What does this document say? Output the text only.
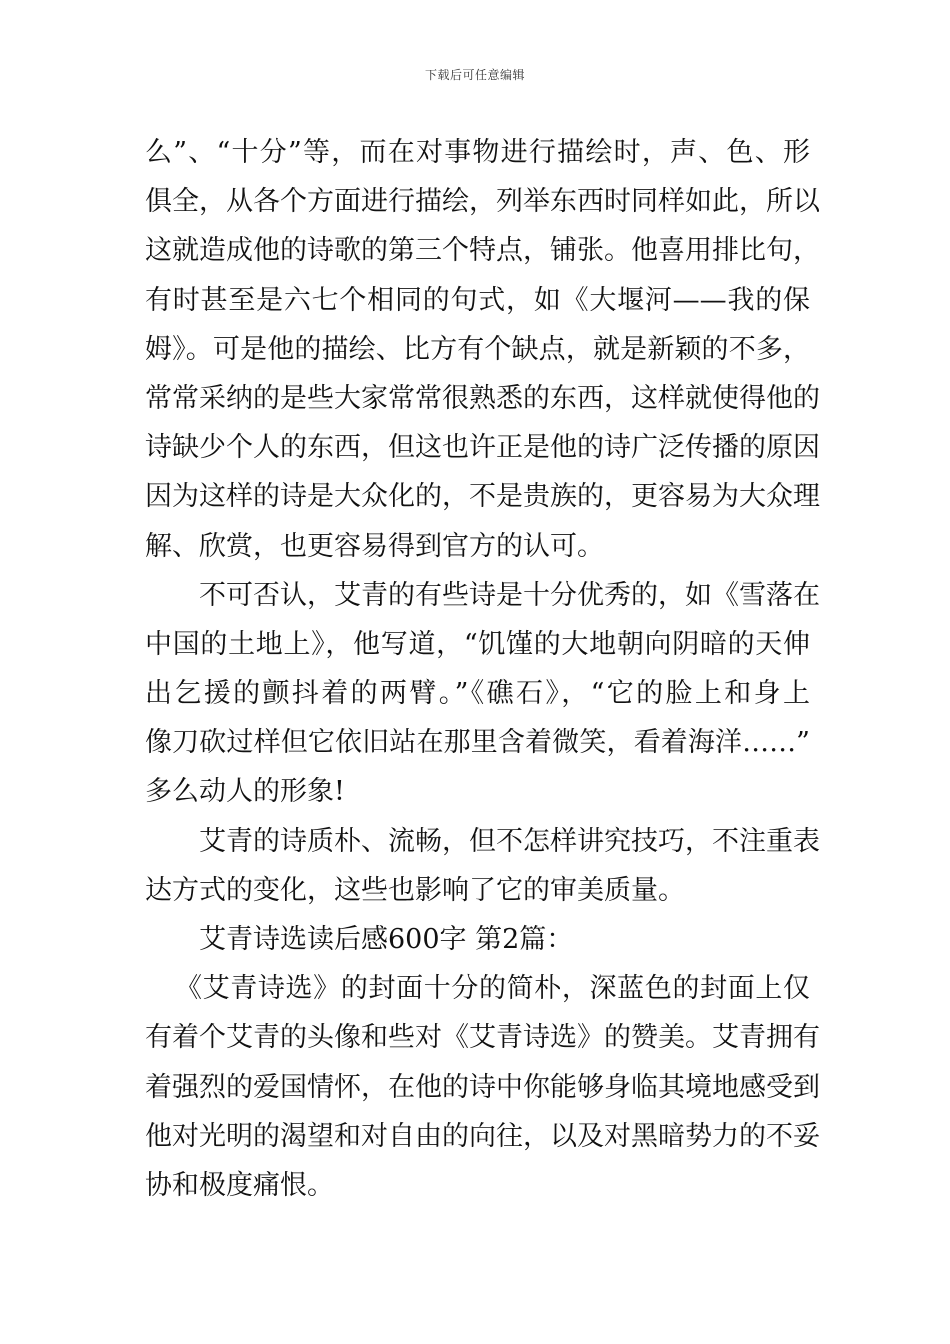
下载后可任意编辑
么”、“十分”等，而在对事物进行描绘时，声、色、形
俱全，从各个方面进行描绘，列举东西时同样如此，所以
这就造成他的诗歌的第三个特点，铺张。他喜用排比句，
有时甚至是六七个相同的句式，如《大堰河——我的保
姆》。可是他的描绘、比方有个缺点，就是新颖的不多，
常常采纳的是些大家常常很熟悉的东西，这样就使得他的
诗缺少个人的东西，但这也许正是他的诗广泛传播的原因
因为这样的诗是大众化的，不是贵族的，更容易为大众理
解、欣赏，也更容易得到官方的认可。
不可否认，艾青的有些诗是十分优秀的，如《雪落在
中国的土地上》，他写道，“饥馑的大地朝向阴暗的天伸
出乞援的颤抖着的两臂。”《礁石》，“它的脸上和身上
像刀砍过样但它依旧站在那里含着微笑，看着海洋……”
多么动人的形象!
艾青的诗质朴、流畅，但不怎样讲究技巧，不注重表
达方式的变化，这些也影响了它的审美质量。
艾青诗选读后感600字 第2篇：
《艾青诗选》的封面十分的简朴，深蓝色的封面上仅
有着个艾青的头像和些对《艾青诗选》的赞美。艾青拥有
着强烈的爱国情怀，在他的诗中你能够身临其境地感受到
他对光明的渴望和对自由的向往，以及对黑暗势力的不妥
协和极度痛恨。
